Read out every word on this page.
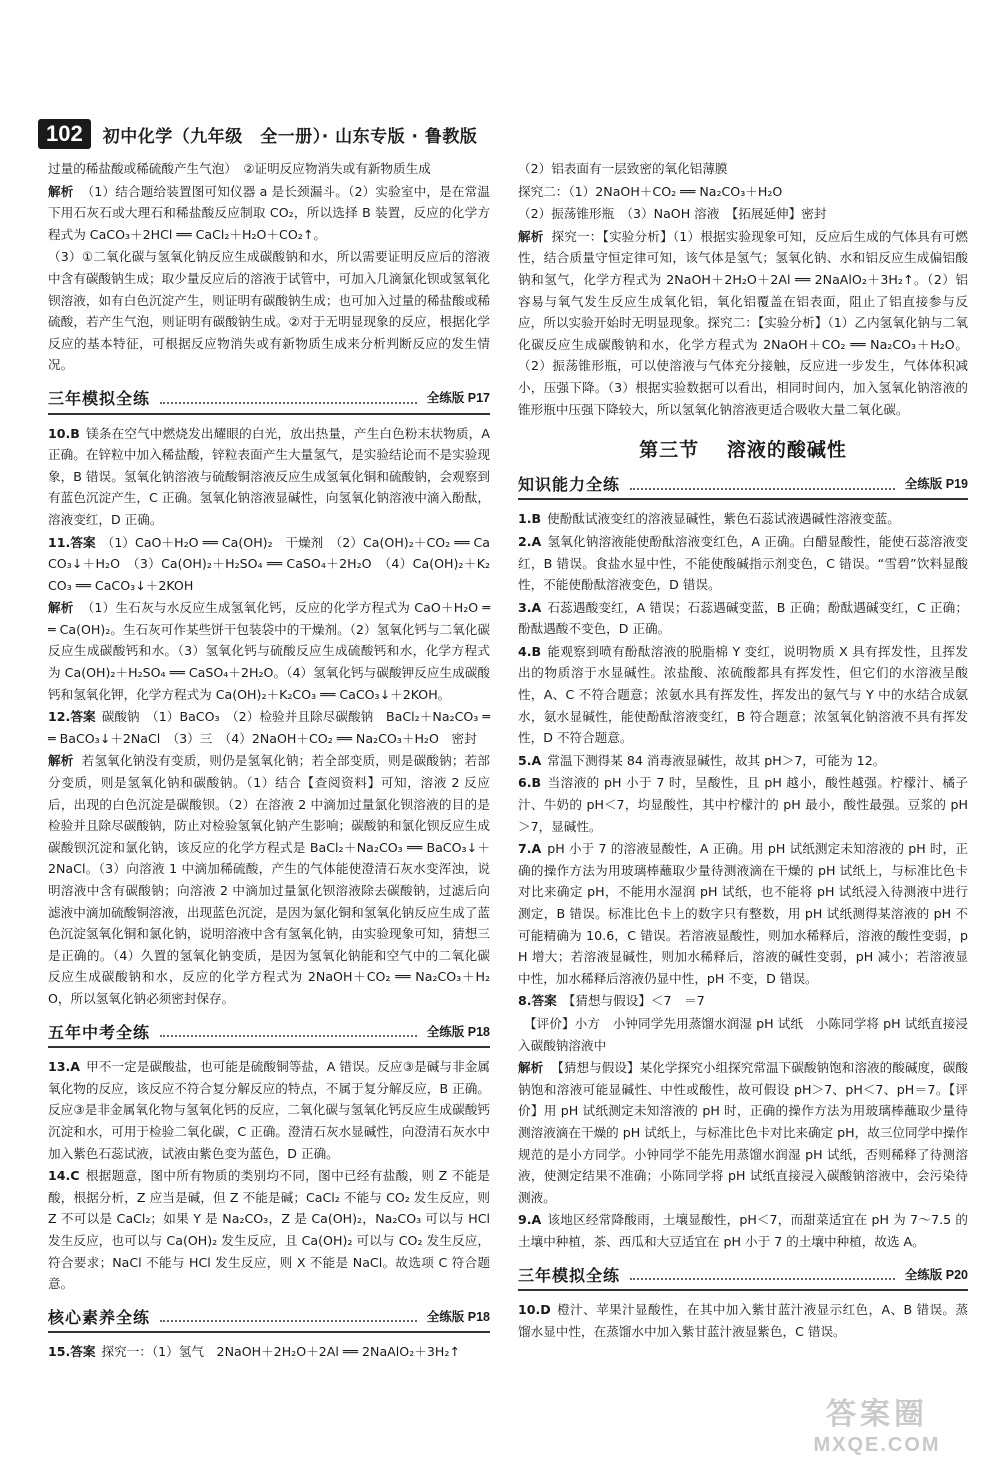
102	初中化学（九年级　全一册）· 山东专版 · 鲁教版

过量的稀盐酸或稀硫酸产生气泡）　②证明反应物消失或有新物质生成

解析 （1）结合题给装置图可知仪器 a 是长颈漏斗。（2）实验室中，是在常温下用石灰石或大理石和稀盐酸反应制取 CO₂，所以选择 B 装置，反应的化学方程式为 CaCO₃＋2HCl ══ CaCl₂＋H₂O＋CO₂↑。

（3）①二氧化碳与氢氧化钠反应生成碳酸钠和水，所以需要证明反应后的溶液中含有碳酸钠生成；取少量反应后的溶液于试管中，可加入几滴氯化钡或氢氧化钡溶液，如有白色沉淀产生，则证明有碳酸钠生成；也可加入过量的稀盐酸或稀硫酸，若产生气泡，则证明有碳酸钠生成。②对于无明显现象的反应，根据化学反应的基本特征，可根据反应物消失或有新物质生成来分析判断反应的发生情况。

三年模拟全练	全练版 P17

10.B 镁条在空气中燃烧发出耀眼的白光，放出热量，产生白色粉末状物质，A 正确。在锌粒中加入稀盐酸，锌粒表面产生大量氢气，是实验结论而不是实验现象，B 错误。氢氧化钠溶液与硫酸铜溶液反应生成氢氧化铜和硫酸钠，会观察到有蓝色沉淀产生，C 正确。氢氧化钠溶液显碱性，向氢氧化钠溶液中滴入酚酞，溶液变红，D 正确。

11.答案 （1）CaO＋H₂O ══ Ca(OH)₂　干燥剂　（2）Ca(OH)₂＋CO₂ ══ CaCO₃↓＋H₂O　（3）Ca(OH)₂＋H₂SO₄ ══ CaSO₄＋2H₂O　（4）Ca(OH)₂＋K₂CO₃ ══ CaCO₃↓＋2KOH

解析 （1）生石灰与水反应生成氢氧化钙，反应的化学方程式为 CaO＋H₂O ══ Ca(OH)₂。生石灰可作某些饼干包装袋中的干燥剂。（2）氢氧化钙与二氧化碳反应生成碳酸钙和水。（3）氢氧化钙与硫酸反应生成硫酸钙和水，化学方程式为 Ca(OH)₂＋H₂SO₄ ══ CaSO₄＋2H₂O。（4）氢氧化钙与碳酸钾反应生成碳酸钙和氢氧化钾，化学方程式为 Ca(OH)₂＋K₂CO₃ ══ CaCO₃↓＋2KOH。

12.答案 碳酸钠　（1）BaCO₃　（2）检验并且除尽碳酸钠　BaCl₂＋Na₂CO₃ ══ BaCO₃↓＋2NaCl　（3）三　（4）2NaOH＋CO₂ ══ Na₂CO₃＋H₂O　密封

解析 若氢氧化钠没有变质，则仍是氢氧化钠；若全部变质，则是碳酸钠；若部分变质，则是氢氧化钠和碳酸钠。（1）结合【查阅资料】可知，溶液 2 反应后，出现的白色沉淀是碳酸钡。（2）在溶液 2 中滴加过量氯化钡溶液的目的是检验并且除尽碳酸钠，防止对检验氢氧化钠产生影响；碳酸钠和氯化钡反应生成碳酸钡沉淀和氯化钠，该反应的化学方程式是 BaCl₂＋Na₂CO₃ ══ BaCO₃↓＋2NaCl。（3）向溶液 1 中滴加稀硫酸，产生的气体能使澄清石灰水变浑浊，说明溶液中含有碳酸钠；向溶液 2 中滴加过量氯化钡溶液除去碳酸钠，过滤后向滤液中滴加硫酸铜溶液，出现蓝色沉淀，是因为氯化铜和氢氧化钠反应生成了蓝色沉淀氢氧化铜和氯化钠，说明溶液中含有氢氧化钠，由实验现象可知，猜想三是正确的。（4）久置的氢氧化钠变质，是因为氢氧化钠能和空气中的二氧化碳反应生成碳酸钠和水，反应的化学方程式为 2NaOH＋CO₂ ══ Na₂CO₃＋H₂O，所以氢氧化钠必须密封保存。

五年中考全练	全练版 P18

13.A 甲不一定是碳酸盐，也可能是硫酸铜等盐，A 错误。反应③是碱与非金属氧化物的反应，该反应不符合复分解反应的特点，不属于复分解反应，B 正确。反应③是非金属氧化物与氢氧化钙的反应，二氧化碳与氢氧化钙反应生成碳酸钙沉淀和水，可用于检验二氧化碳，C 正确。澄清石灰水显碱性，向澄清石灰水中加入紫色石蕊试液，试液由紫色变为蓝色，D 正确。

14.C 根据题意，图中所有物质的类别均不同，图中已经有盐酸，则 Z 不能是酸，根据分析，Z 应当是碱，但 Z 不能是碱；CaCl₂ 不能与 CO₂ 发生反应，则 Z 不可以是 CaCl₂；如果 Y 是 Na₂CO₃，Z 是 Ca(OH)₂，Na₂CO₃ 可以与 HCl 发生反应，也可以与 Ca(OH)₂ 发生反应，且 Ca(OH)₂ 可以与 CO₂ 发生反应，符合要求；NaCl 不能与 HCl 发生反应，则 X 不能是 NaCl。故选项 C 符合题意。

核心素养全练	全练版 P18

15.答案 探究一：（1）氢气　2NaOH＋2H₂O＋2Al ══ 2NaAlO₂＋3H₂↑

（2）铝表面有一层致密的氧化铝薄膜

探究二：（1）2NaOH＋CO₂ ══ Na₂CO₃＋H₂O

（2）振荡锥形瓶　（3）NaOH 溶液　【拓展延伸】密封

解析 探究一：【实验分析】（1）根据实验现象可知，反应后生成的气体具有可燃性，结合质量守恒定律可知，该气体是氢气；氢氧化钠、水和铝反应生成偏铝酸钠和氢气，化学方程式为 2NaOH＋2H₂O＋2Al ══ 2NaAlO₂＋3H₂↑。（2）铝容易与氧气发生反应生成氧化铝，氧化铝覆盖在铝表面，阻止了铝直接参与反应，所以实验开始时无明显现象。探究二：【实验分析】（1）乙内氢氧化钠与二氧化碳反应生成碳酸钠和水，化学方程式为 2NaOH＋CO₂ ══ Na₂CO₃＋H₂O。（2）振荡锥形瓶，可以使溶液与气体充分接触，反应进一步发生，气体体积减小，压强下降。（3）根据实验数据可以看出，相同时间内，加入氢氧化钠溶液的锥形瓶中压强下降较大，所以氢氧化钠溶液更适合吸收大量二氧化碳。

第三节 溶液的酸碱性
知识能力全练	全练版 P19

1.B 使酚酞试液变红的溶液显碱性，紫色石蕊试液遇碱性溶液变蓝。

2.A 氢氧化钠溶液能使酚酞溶液变红色，A 正确。白醋显酸性，能使石蕊溶液变红，B 错误。食盐水显中性，不能使酸碱指示剂变色，C 错误。“雪碧”饮料显酸性，不能使酚酞溶液变色，D 错误。

3.A 石蕊遇酸变红，A 错误；石蕊遇碱变蓝，B 正确；酚酞遇碱变红，C 正确；酚酞遇酸不变色，D 正确。

4.B 能观察到喷有酚酞溶液的脱脂棉 Y 变红，说明物质 X 具有挥发性，且挥发出的物质溶于水显碱性。浓盐酸、浓硫酸都具有挥发性，但它们的水溶液呈酸性，A、C 不符合题意；浓氨水具有挥发性，挥发出的氨气与 Y 中的水结合成氨水，氨水显碱性，能使酚酞溶液变红，B 符合题意；浓氢氧化钠溶液不具有挥发性，D 不符合题意。

5.A 常温下测得某 84 消毒液显碱性，故其 pH＞7，可能为 12。

6.B 当溶液的 pH 小于 7 时，呈酸性，且 pH 越小，酸性越强。柠檬汁、橘子汁、牛奶的 pH＜7，均显酸性，其中柠檬汁的 pH 最小，酸性最强。豆浆的 pH＞7，显碱性。

7.A pH 小于 7 的溶液显酸性，A 正确。用 pH 试纸测定未知溶液的 pH 时，正确的操作方法为用玻璃棒蘸取少量待测液滴在干燥的 pH 试纸上，与标准比色卡对比来确定 pH，不能用水湿润 pH 试纸，也不能将 pH 试纸浸入待测液中进行测定，B 错误。标准比色卡上的数字只有整数，用 pH 试纸测得某溶液的 pH 不可能精确为 10.6，C 错误。若溶液显酸性，则加水稀释后，溶液的酸性变弱，pH 增大；若溶液显碱性，则加水稀释后，溶液的碱性变弱，pH 减小；若溶液显中性，加水稀释后溶液仍显中性，pH 不变，D 错误。

8.答案 【猜想与假设】＜7　＝7

【评价】小方　小钟同学先用蒸馏水润湿 pH 试纸　小陈同学将 pH 试纸直接浸入碳酸钠溶液中

解析 【猜想与假设】某化学探究小组探究常温下碳酸钠饱和溶液的酸碱度，碳酸钠饱和溶液可能显碱性、中性或酸性，故可假设 pH＞7、pH＜7、pH＝7。【评价】用 pH 试纸测定未知溶液的 pH 时，正确的操作方法为用玻璃棒蘸取少量待测溶液滴在干燥的 pH 试纸上，与标准比色卡对比来确定 pH，故三位同学中操作规范的是小方同学。小钟同学不能先用蒸馏水润湿 pH 试纸，否则稀释了待测溶液，使测定结果不准确；小陈同学将 pH 试纸直接浸入碳酸钠溶液中，会污染待测液。

9.A 该地区经常降酸雨，土壤显酸性，pH＜7，而甜菜适宜在 pH 为 7～7.5 的土壤中种植，茶、西瓜和大豆适宜在 pH 小于 7 的土壤中种植，故选 A。

三年模拟全练	全练版 P20

10.D 橙汁、苹果汁显酸性，在其中加入紫甘蓝汁液显示红色，A、B 错误。蒸馏水显中性，在蒸馏水中加入紫甘蓝汁液显紫色，C 错误。

答案圈
MXQE.COM
